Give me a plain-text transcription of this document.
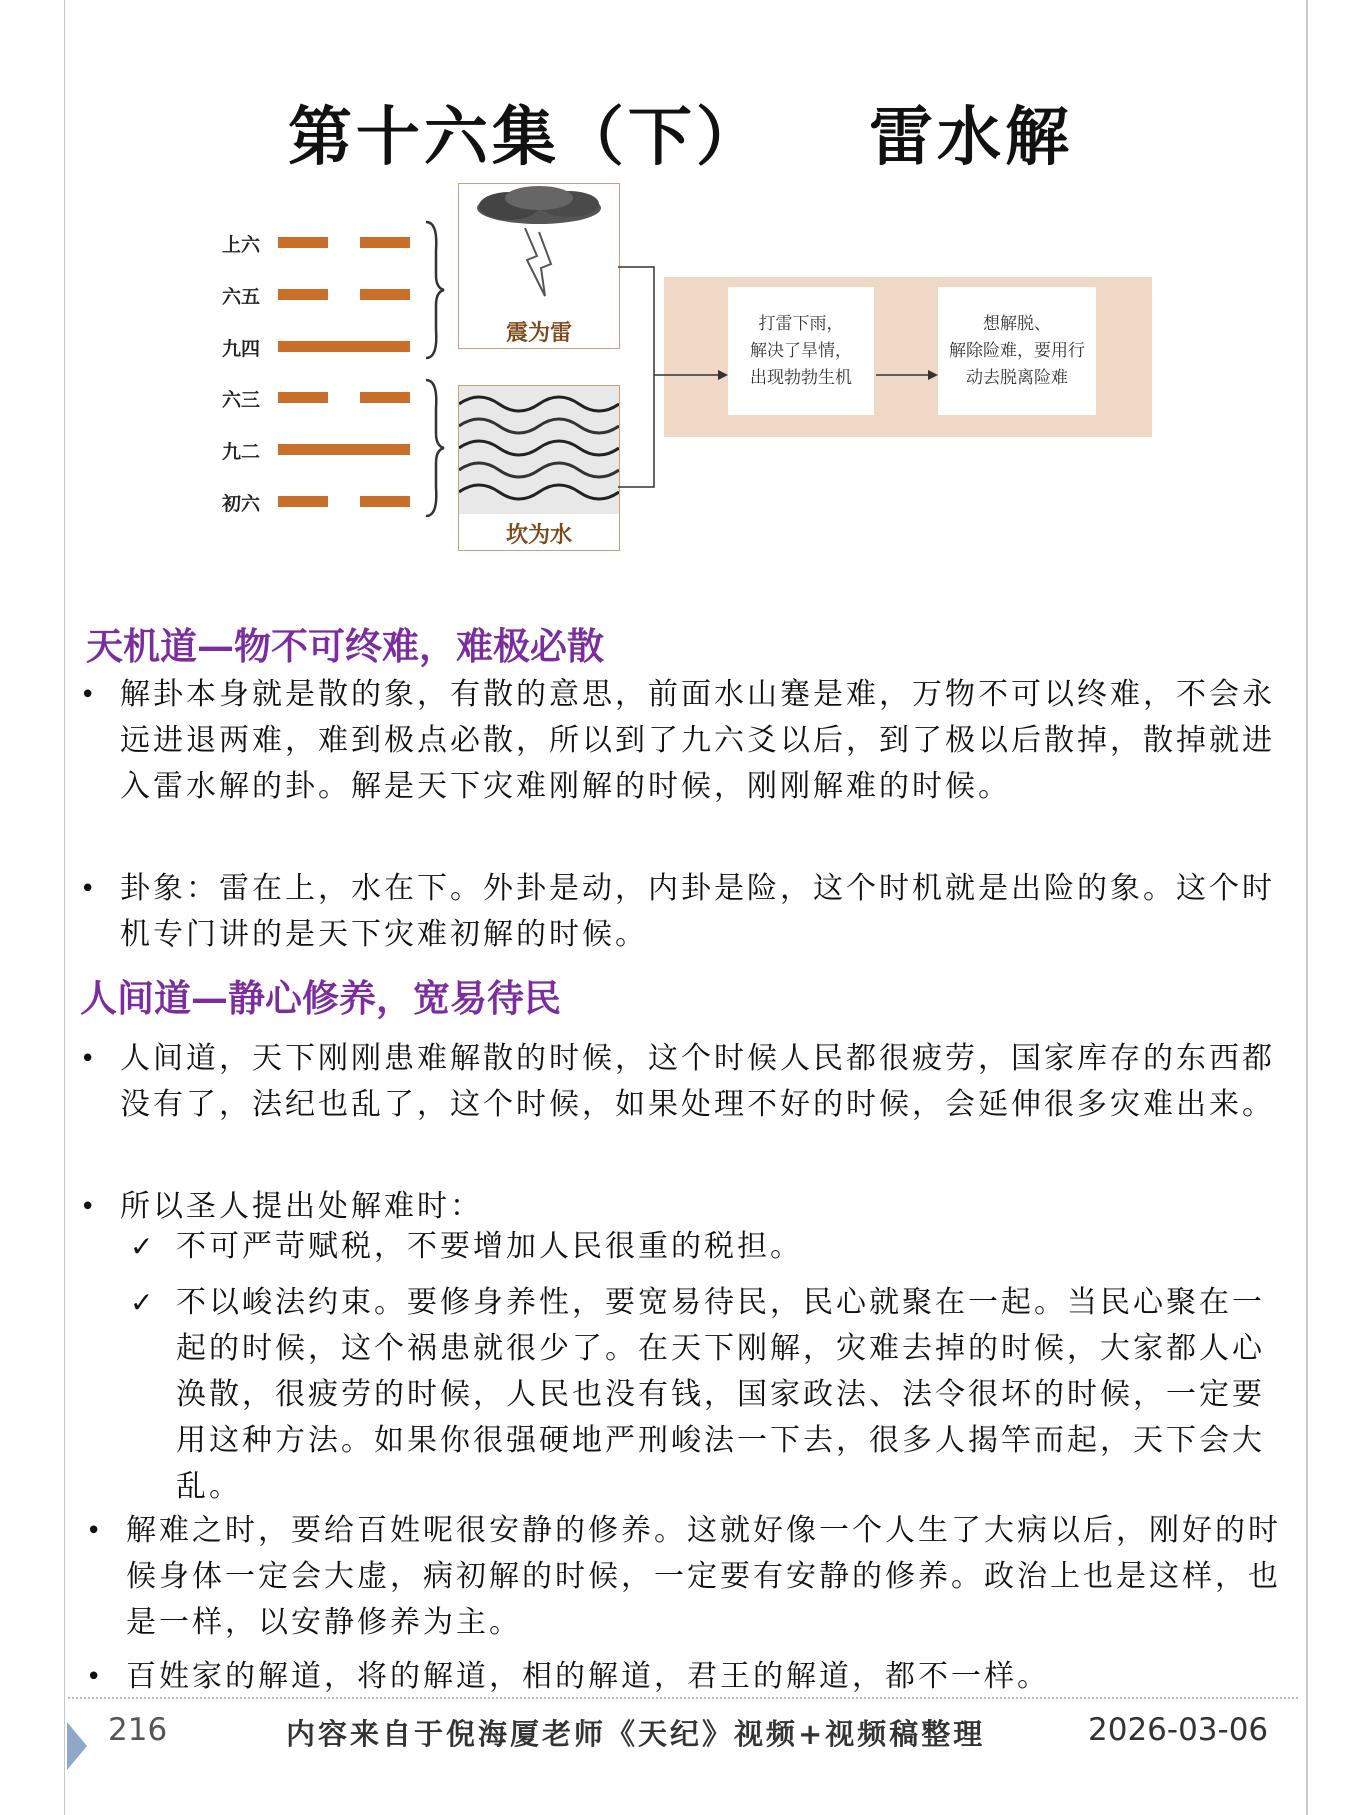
第十六集（下）    雷水解
上六
六五
九四
六三
九二
初六
震为雷
坎为水
打雷下雨，
解决了旱情，
出现勃勃生机
想解脱、
解除险难，要用行
动去脱离险难
天机道—物不可终难，难极必散
• 解卦本身就是散的象，有散的意思，前面水山蹇是难，万物不可以终难，不会永远进退两难，难到极点必散，所以到了九六爻以后，到了极以后散掉，散掉就进入雷水解的卦。解是天下灾难刚解的时候，刚刚解难的时候。
• 卦象：雷在上，水在下。外卦是动，内卦是险，这个时机就是出险的象。这个时机专门讲的是天下灾难初解的时候。
人间道—静心修养，宽易待民
• 人间道，天下刚刚患难解散的时候，这个时候人民都很疲劳，国家库存的东西都没有了，法纪也乱了，这个时候，如果处理不好的时候，会延伸很多灾难出来。
• 所以圣人提出处解难时：
✓ 不可严苛赋税，不要增加人民很重的税担。
✓ 不以峻法约束。要修身养性，要宽易待民，民心就聚在一起。当民心聚在一起的时候，这个祸患就很少了。在天下刚解，灾难去掉的时候，大家都人心涣散，很疲劳的时候，人民也没有钱，国家政法、法令很坏的时候，一定要用这种方法。如果你很强硬地严刑峻法一下去，很多人揭竿而起，天下会大乱。
• 解难之时，要给百姓呢很安静的修养。这就好像一个人生了大病以后，刚好的时候身体一定会大虚，病初解的时候，一定要有安静的修养。政治上也是这样，也是一样，以安静修养为主。
• 百姓家的解道，将的解道，相的解道，君王的解道，都不一样。
216	内容来自于倪海厦老师《天纪》视频+视频稿整理	2026-03-06
